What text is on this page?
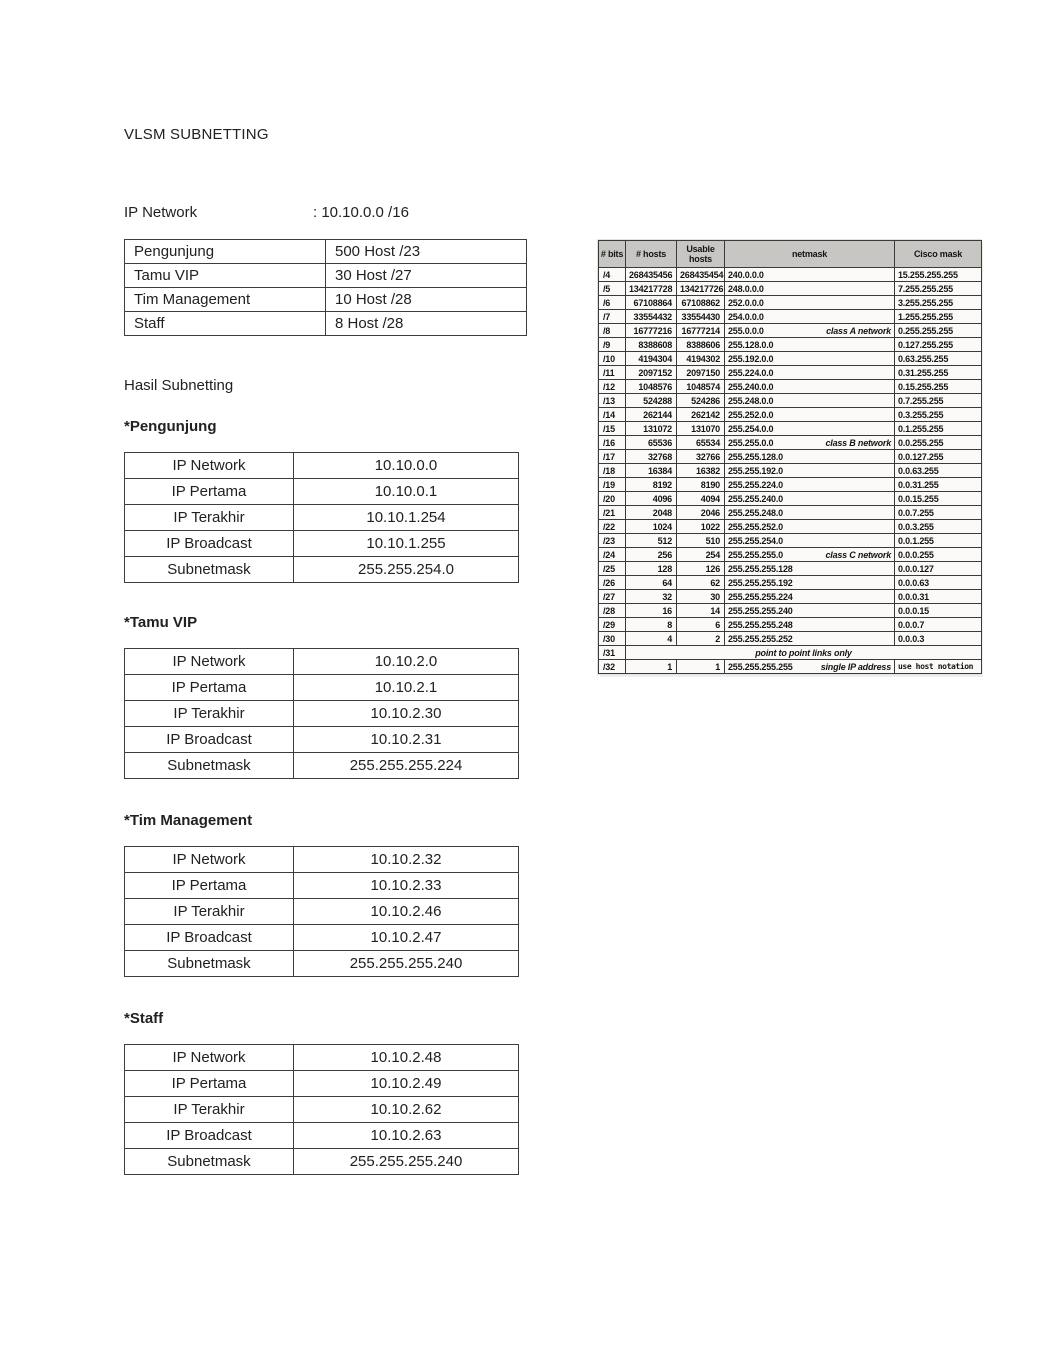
VLSM SUBNETTING
IP Network	: 10.10.0.0 /16
Pengunjung	500 Host /23
Tamu VIP	30 Host /27
Tim Management	10 Host /28
Staff	8 Host /28
Hasil Subnetting
*Pengunjung
IP Network	10.10.0.0
IP Pertama	10.10.0.1
IP Terakhir	10.10.1.254
IP Broadcast	10.10.1.255
Subnetmask	255.255.254.0
*Tamu VIP
IP Network	10.10.2.0
IP Pertama	10.10.2.1
IP Terakhir	10.10.2.30
IP Broadcast	10.10.2.31
Subnetmask	255.255.255.224
*Tim Management
IP Network	10.10.2.32
IP Pertama	10.10.2.33
IP Terakhir	10.10.2.46
IP Broadcast	10.10.2.47
Subnetmask	255.255.255.240
*Staff
IP Network	10.10.2.48
IP Pertama	10.10.2.49
IP Terakhir	10.10.2.62
IP Broadcast	10.10.2.63
Subnetmask	255.255.255.240
# bits	# hosts	Usable hosts	netmask	Cisco mask
/4	268435456	268435454	240.0.0.0	15.255.255.255
/5	134217728	134217726	248.0.0.0	7.255.255.255
/6	67108864	67108862	252.0.0.0	3.255.255.255
/7	33554432	33554430	254.0.0.0	1.255.255.255
/8	16777216	16777214	255.0.0.0 class A network	0.255.255.255
/9	8388608	8388606	255.128.0.0	0.127.255.255
/10	4194304	4194302	255.192.0.0	0.63.255.255
/11	2097152	2097150	255.224.0.0	0.31.255.255
/12	1048576	1048574	255.240.0.0	0.15.255.255
/13	524288	524286	255.248.0.0	0.7.255.255
/14	262144	262142	255.252.0.0	0.3.255.255
/15	131072	131070	255.254.0.0	0.1.255.255
/16	65536	65534	255.255.0.0 class B network	0.0.255.255
/17	32768	32766	255.255.128.0	0.0.127.255
/18	16384	16382	255.255.192.0	0.0.63.255
/19	8192	8190	255.255.224.0	0.0.31.255
/20	4096	4094	255.255.240.0	0.0.15.255
/21	2048	2046	255.255.248.0	0.0.7.255
/22	1024	1022	255.255.252.0	0.0.3.255
/23	512	510	255.255.254.0	0.0.1.255
/24	256	254	255.255.255.0 class C network	0.0.0.255
/25	128	126	255.255.255.128	0.0.0.127
/26	64	62	255.255.255.192	0.0.0.63
/27	32	30	255.255.255.224	0.0.0.31
/28	16	14	255.255.255.240	0.0.0.15
/29	8	6	255.255.255.248	0.0.0.7
/30	4	2	255.255.255.252	0.0.0.3
/31	point to point links only			
/32	1	1	255.255.255.255 single IP address	use host notation
